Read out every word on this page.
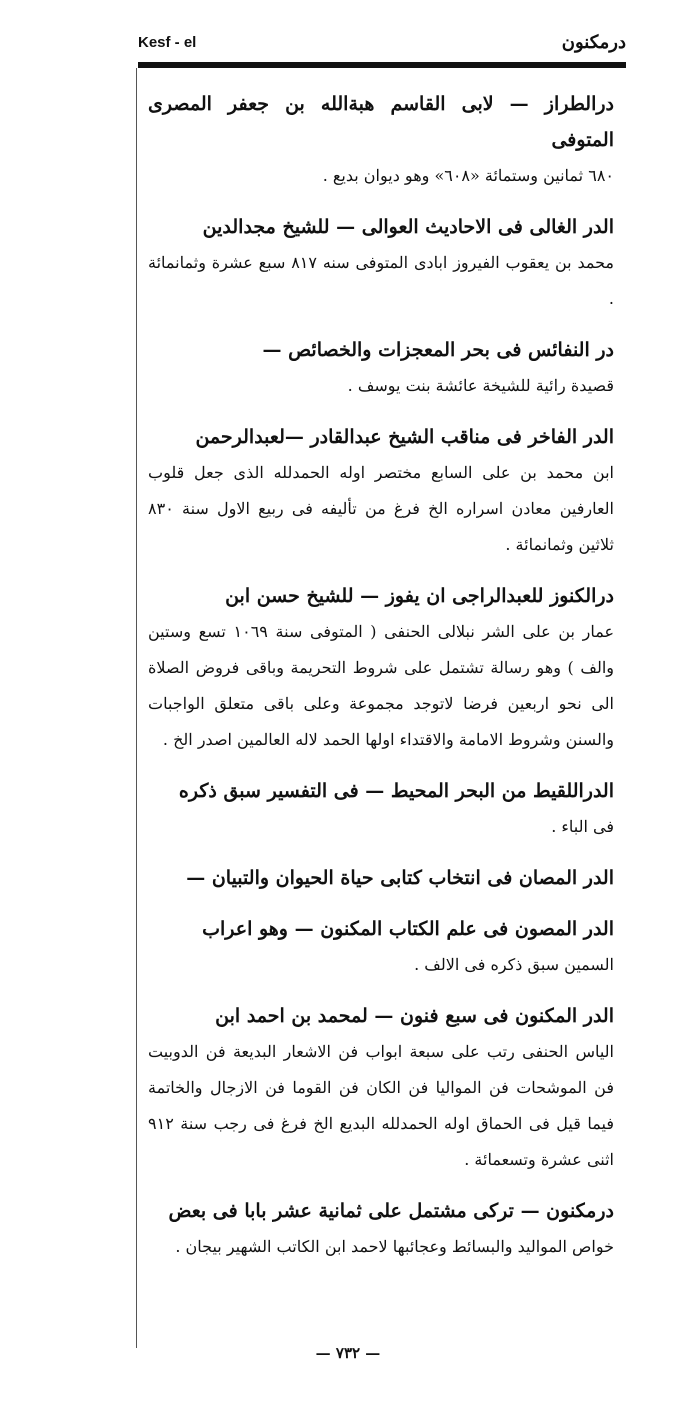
Kesf - el	درمكنون

درالطراز — لابى القاسم هبةالله بن جعفر المصرى المتوفى

٦٨٠ ثمانين وستمائة «٦٠٨» وهو ديوان بديع .

الدر الغالى فى الاحاديث العوالى — للشيخ مجدالدين

محمد بن يعقوب الفيروز ابادى المتوفى سنه ٨١٧ سبع عشرة وثمانمائة .

در النفائس فى بحر المعجزات والخصائص —

قصيدة رائية للشيخة عائشة بنت يوسف .

الدر الفاخر فى مناقب الشيخ عبدالقادر —لعبدالرحمن

ابن محمد بن على السابع مختصر اوله الحمدلله الذى جعل قلوب العارفين معادن اسراره الخ فرغ من تأليفه فى ربيع الاول سنة ٨٣٠ ثلاثين وثمانمائة .

درالكنوز للعبدالراجى ان يفوز — للشيخ حسن ابن

عمار بن على الشر نبلالى الحنفى ( المتوفى سنة ١٠٦٩ تسع وستين والف ) وهو رسالة تشتمل على شروط التحريمة وباقى فروض الصلاة الى نحو اربعين فرضا لاتوجد مجموعة وعلى باقى متعلق الواجبات والسنن وشروط الامامة والاقتداء اولها الحمد لاله العالمين اصدر الخ .

الدراللقيط من البحر المحيط — فى التفسير سبق ذكره

فى الباء .

الدر المصان فى انتخاب كتابى حياة الحيوان والتبيان —

الدر المصون فى علم الكتاب المكنون — وهو اعراب

السمين سبق ذكره فى الالف .

الدر المكنون فى سبع فنون — لمحمد بن احمد ابن

الياس الحنفى رتب على سبعة ابواب فن الاشعار البديعة فن الدوبيت فن الموشحات فن المواليا فن الكان فن القوما فن الازجال والخاتمة فيما قيل فى الحماق اوله الحمدلله البديع الخ فرغ فى رجب سنة ٩١٢ اثنى عشرة وتسعمائة .

درمكنون — تركى مشتمل على ثمانية عشر بابا فى بعض

خواص المواليد والبسائط وعجائبها لاحمد ابن الكاتب الشهير بيجان .

— ٧٣٢ —
